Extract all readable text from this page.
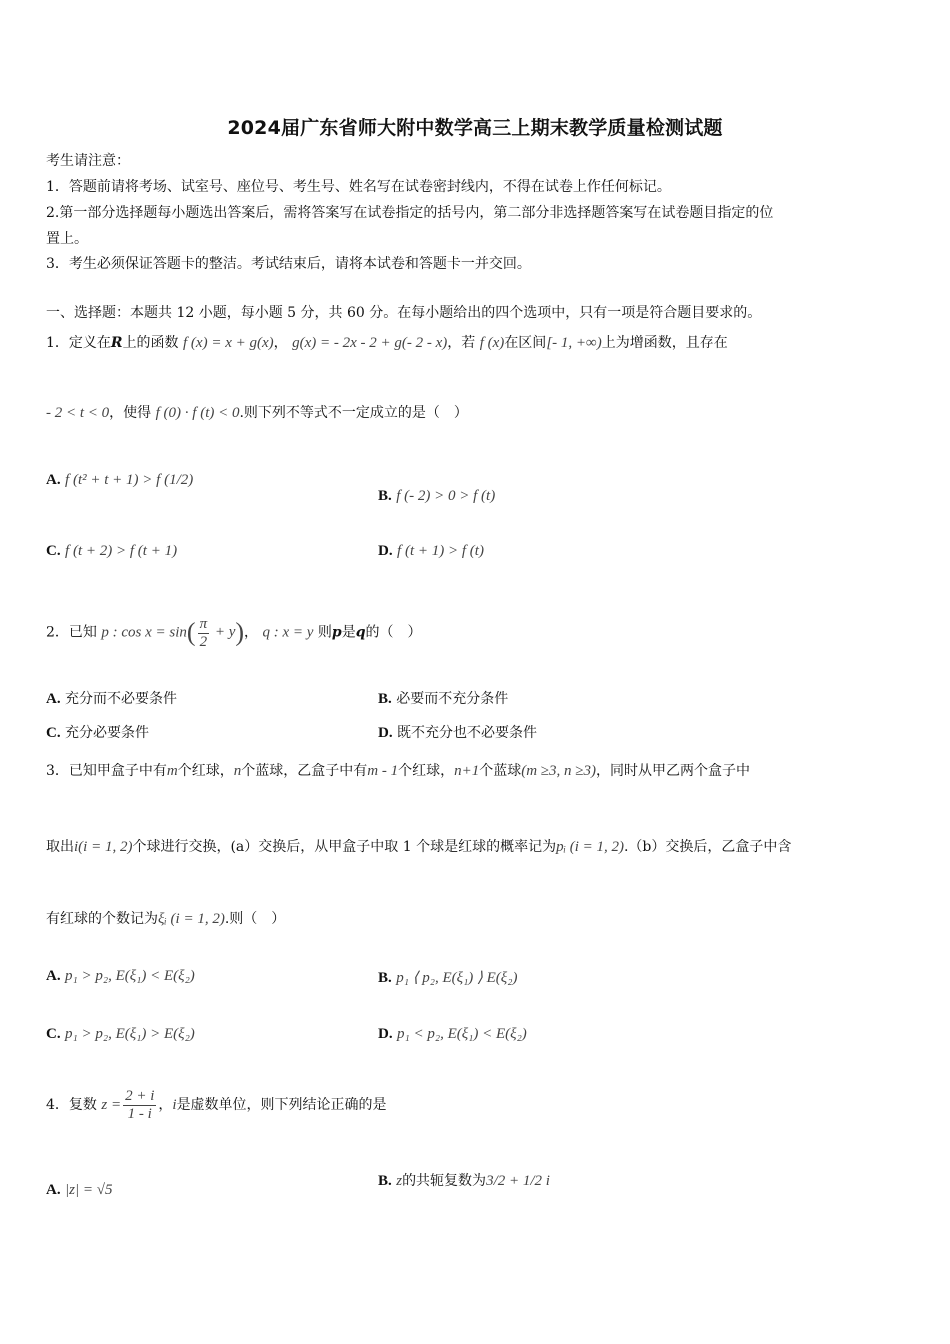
2024届广东省师大附中数学高三上期末教学质量检测试题
考生请注意：
1．答题前请将考场、试室号、座位号、考生号、姓名写在试卷密封线内，不得在试卷上作任何标记。
2.第一部分选择题每小题选出答案后，需将答案写在试卷指定的括号内，第二部分非选择题答案写在试卷题目指定的位
置上。
3．考生必须保证答题卡的整洁。考试结束后，请将本试卷和答题卡一并交回。
一、选择题：本题共 12 小题，每小题 5 分，共 60 分。在每小题给出的四个选项中，只有一项是符合题目要求的。
1．定义在R上的函数 f (x) = x + g(x)， g(x) = - 2x - 2 + g(- 2 - x)，若 f (x)在区间[- 1, +∞)上为增函数，且存在
- 2 < t < 0，使得 f (0) · f (t) < 0.则下列不等式不一定成立的是（　）
A. f (t² + t + 1) > f (1/2)
B. f (- 2) > 0 > f (t)
C. f (t + 2) > f (t + 1)	D. f (t + 1) > f (t)
2．已知 p : $\cos x = \sin( \frac{\pi}{2} + y)$， q : x = y 则p是q的（　）
A. 充分而不必要条件	B. 必要而不充分条件
C. 充分必要条件	D. 既不充分也不必要条件
3．已知甲盒子中有m个红球，n个蓝球，乙盒子中有m - 1个红球，n+1个蓝球(m ≥3, n ≥3)，同时从甲乙两个盒子中
取出i(i = 1, 2)个球进行交换，(a）交换后，从甲盒子中取 1 个球是红球的概率记为pᵢ (i = 1, 2).（b）交换后，乙盒子中含
有红球的个数记为ξᵢ (i = 1, 2).则（　）
A. p₁ > p₂, E(ξ₁) < E(ξ₂)	B. p₁ ⟨ p₂, E(ξ₁) ⟩ E(ξ₂)
C. p₁ > p₂, E(ξ₁) > E(ξ₂)	D. p₁ < p₂, E(ξ₁) < E(ξ₂)
4．复数 $z = \frac{2 + i}{1 - i}$ ，i是虚数单位，则下列结论正确的是
A. |z| = √5
B. z的共轭复数为3/2 + 1/2 i
